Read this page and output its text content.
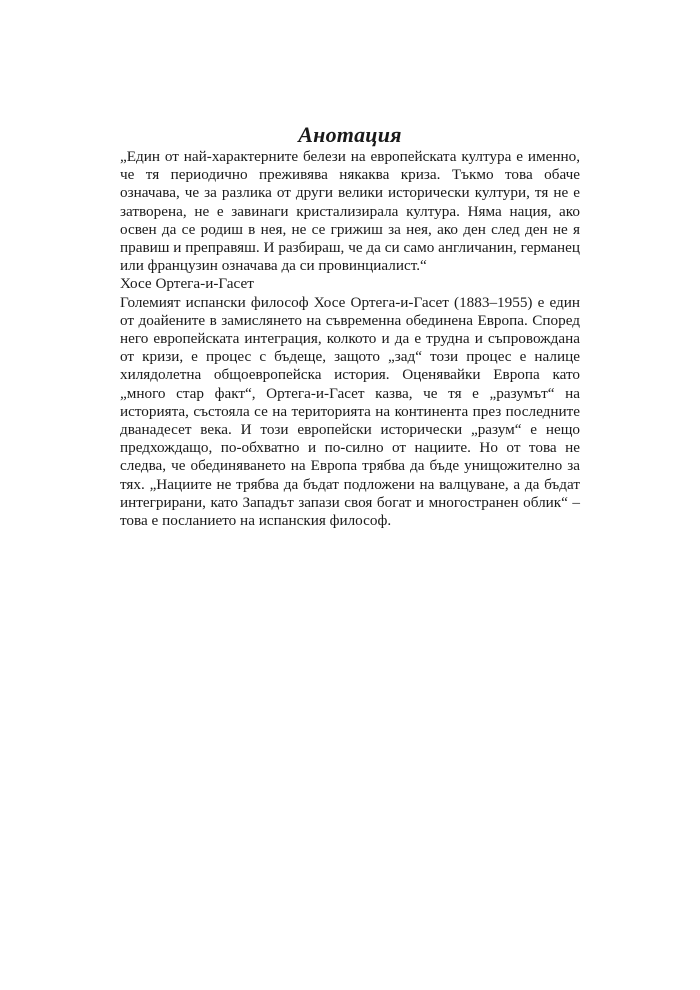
Анотация

„Един от най-характерните белези на европейската култура е именно, че тя периодично преживява някаква криза. Тъкмо това обаче означава, че за разлика от други велики исторически култури, тя не е затворена, не е завинаги кристализирала култура. Няма нация, ако освен да се родиш в нея, не се грижиш за нея, ако ден след ден не я правиш и преправяш. И разбираш, че да си само англичанин, германец или французин означава да си провинциалист.“

Хосе Ортега-и-Гасет

Големият испански философ Хосе Ортега-и-Гасет (1883–1955) е един от доайените в замислянето на съвременна обединена Европа. Според него европейската интеграция, колкото и да е трудна и съпровождана от кризи, е процес с бъдеще, защото „зад“ този процес е налице хилядолетна общоевропейска история. Оценявайки Европа като „много стар факт“, Ортега-и-Гасет казва, че тя е „разумът“ на историята, състояла се на територията на континента през последните дванадесет века. И този европейски исторически „разум“ е нещо предхождащо, по-обхватно и по-силно от нациите. Но от това не следва, че обединяването на Европа трябва да бъде унищожително за тях. „Нациите не трябва да бъдат подложени на валцуване, а да бъдат интегрирани, като Западът запази своя богат и многостранен облик“ – това е посланието на испанския философ.
